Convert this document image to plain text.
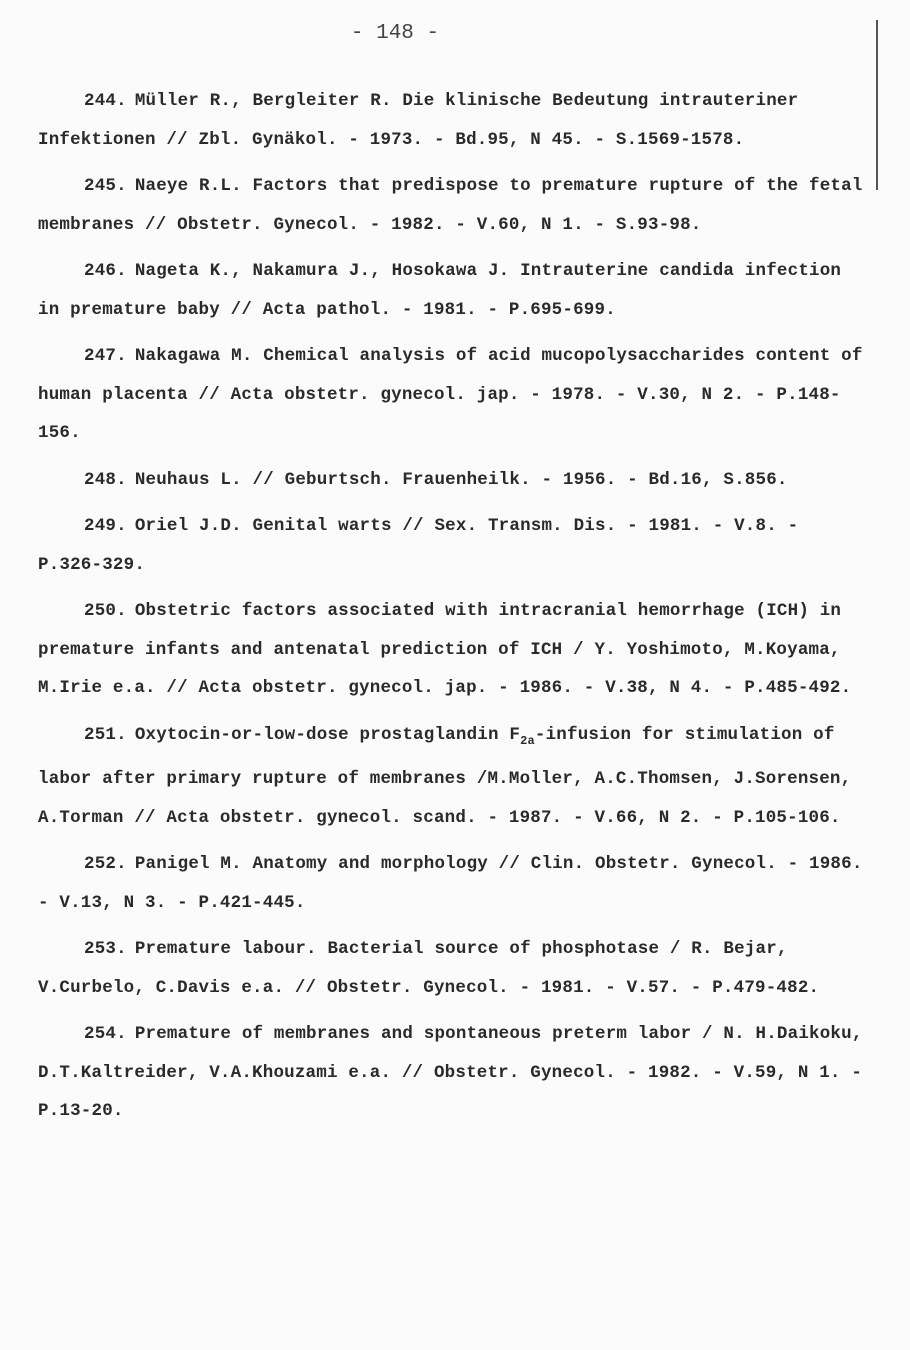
- 148 -

244. Müller R., Bergleiter R. Die klinische Bedeutung intrauteriner Infektionen // Zbl. Gynäkol. - 1973. - Bd.95, N 45. - S.1569-1578.

245. Naeye R.L. Factors that predispose to premature rupture of the fetal membranes // Obstetr. Gynecol. - 1982. - V.60, N 1. - S.93-98.

246. Nageta K., Nakamura J., Hosokawa J. Intrauterine candida infection in premature baby // Acta pathol. - 1981. - P.695-699.

247. Nakagawa M. Chemical analysis of acid mucopolysaccharides content of human placenta // Acta obstetr. gynecol. jap. - 1978. - V.30, N 2. - P.148-156.

248. Neuhaus L. // Geburtsch. Frauenheilk. - 1956. - Bd.16, S.856.

249. Oriel J.D. Genital warts // Sex. Transm. Dis. - 1981. - V.8. - P.326-329.

250. Obstetric factors associated with intracranial hemorrhage (ICH) in premature infants and antenatal prediction of ICH / Y. Yoshimoto, M.Koyama, M.Irie e.a. // Acta obstetr. gynecol. jap. - 1986. - V.38, N 4. - P.485-492.

251. Oxytocin-or-low-dose prostaglandin $F_{2a}$-infusion for stimulation of labor after primary rupture of membranes /M.Moller, A.C.Thomsen, J.Sorensen, A.Torman // Acta obstetr. gynecol. scand. - 1987. - V.66, N 2. - P.105-106.

252. Panigel M. Anatomy and morphology // Clin. Obstetr. Gynecol. - 1986. - V.13, N 3. - P.421-445.

253. Premature labour. Bacterial source of phosphotase / R. Bejar, V.Curbelo, C.Davis e.a. // Obstetr. Gynecol. - 1981. - V.57. - P.479-482.

254. Premature of membranes and spontaneous preterm labor / N. H.Daikoku, D.T.Kaltreider, V.A.Khouzami e.a. // Obstetr. Gynecol. - 1982. - V.59, N 1. - P.13-20.
